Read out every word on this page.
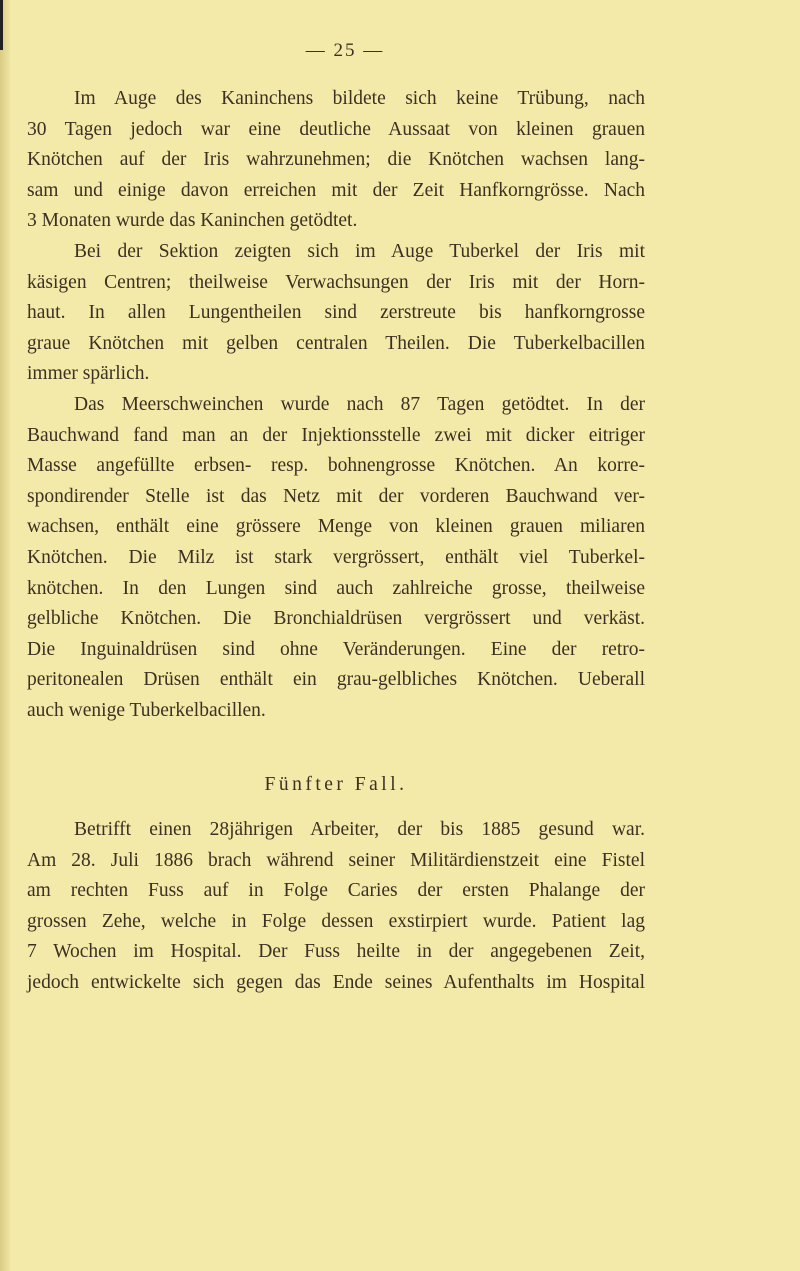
— 25 —
Im Auge des Kaninchens bildete sich keine Trübung, nach
30 Tagen jedoch war eine deutliche Aussaat von kleinen grauen
Knötchen auf der Iris wahrzunehmen; die Knötchen wachsen lang-
sam und einige davon erreichen mit der Zeit Hanfkorngrösse. Nach
3 Monaten wurde das Kaninchen getödtet.
Bei der Sektion zeigten sich im Auge Tuberkel der Iris mit
käsigen Centren; theilweise Verwachsungen der Iris mit der Horn-
haut. In allen Lungentheilen sind zerstreute bis hanfkorngrosse
graue Knötchen mit gelben centralen Theilen. Die Tuberkelbacillen
immer spärlich.
Das Meerschweinchen wurde nach 87 Tagen getödtet. In der
Bauchwand fand man an der Injektionsstelle zwei mit dicker eitriger
Masse angefüllte erbsen- resp. bohnengrosse Knötchen. An korre-
spondirender Stelle ist das Netz mit der vorderen Bauchwand ver-
wachsen, enthält eine grössere Menge von kleinen grauen miliaren
Knötchen. Die Milz ist stark vergrössert, enthält viel Tuberkel-
knötchen. In den Lungen sind auch zahlreiche grosse, theilweise
gelbliche Knötchen. Die Bronchialdrüsen vergrössert und verkäst.
Die Inguinaldrüsen sind ohne Veränderungen. Eine der retro-
peritonealen Drüsen enthält ein grau-gelbliches Knötchen. Ueberall
auch wenige Tuberkelbacillen.
Fünfter Fall.
Betrifft einen 28jährigen Arbeiter, der bis 1885 gesund war.
Am 28. Juli 1886 brach während seiner Militärdienstzeit eine Fistel
am rechten Fuss auf in Folge Caries der ersten Phalange der
grossen Zehe, welche in Folge dessen exstirpiert wurde. Patient lag
7 Wochen im Hospital. Der Fuss heilte in der angegebenen Zeit,
jedoch entwickelte sich gegen das Ende seines Aufenthalts im Hospital
